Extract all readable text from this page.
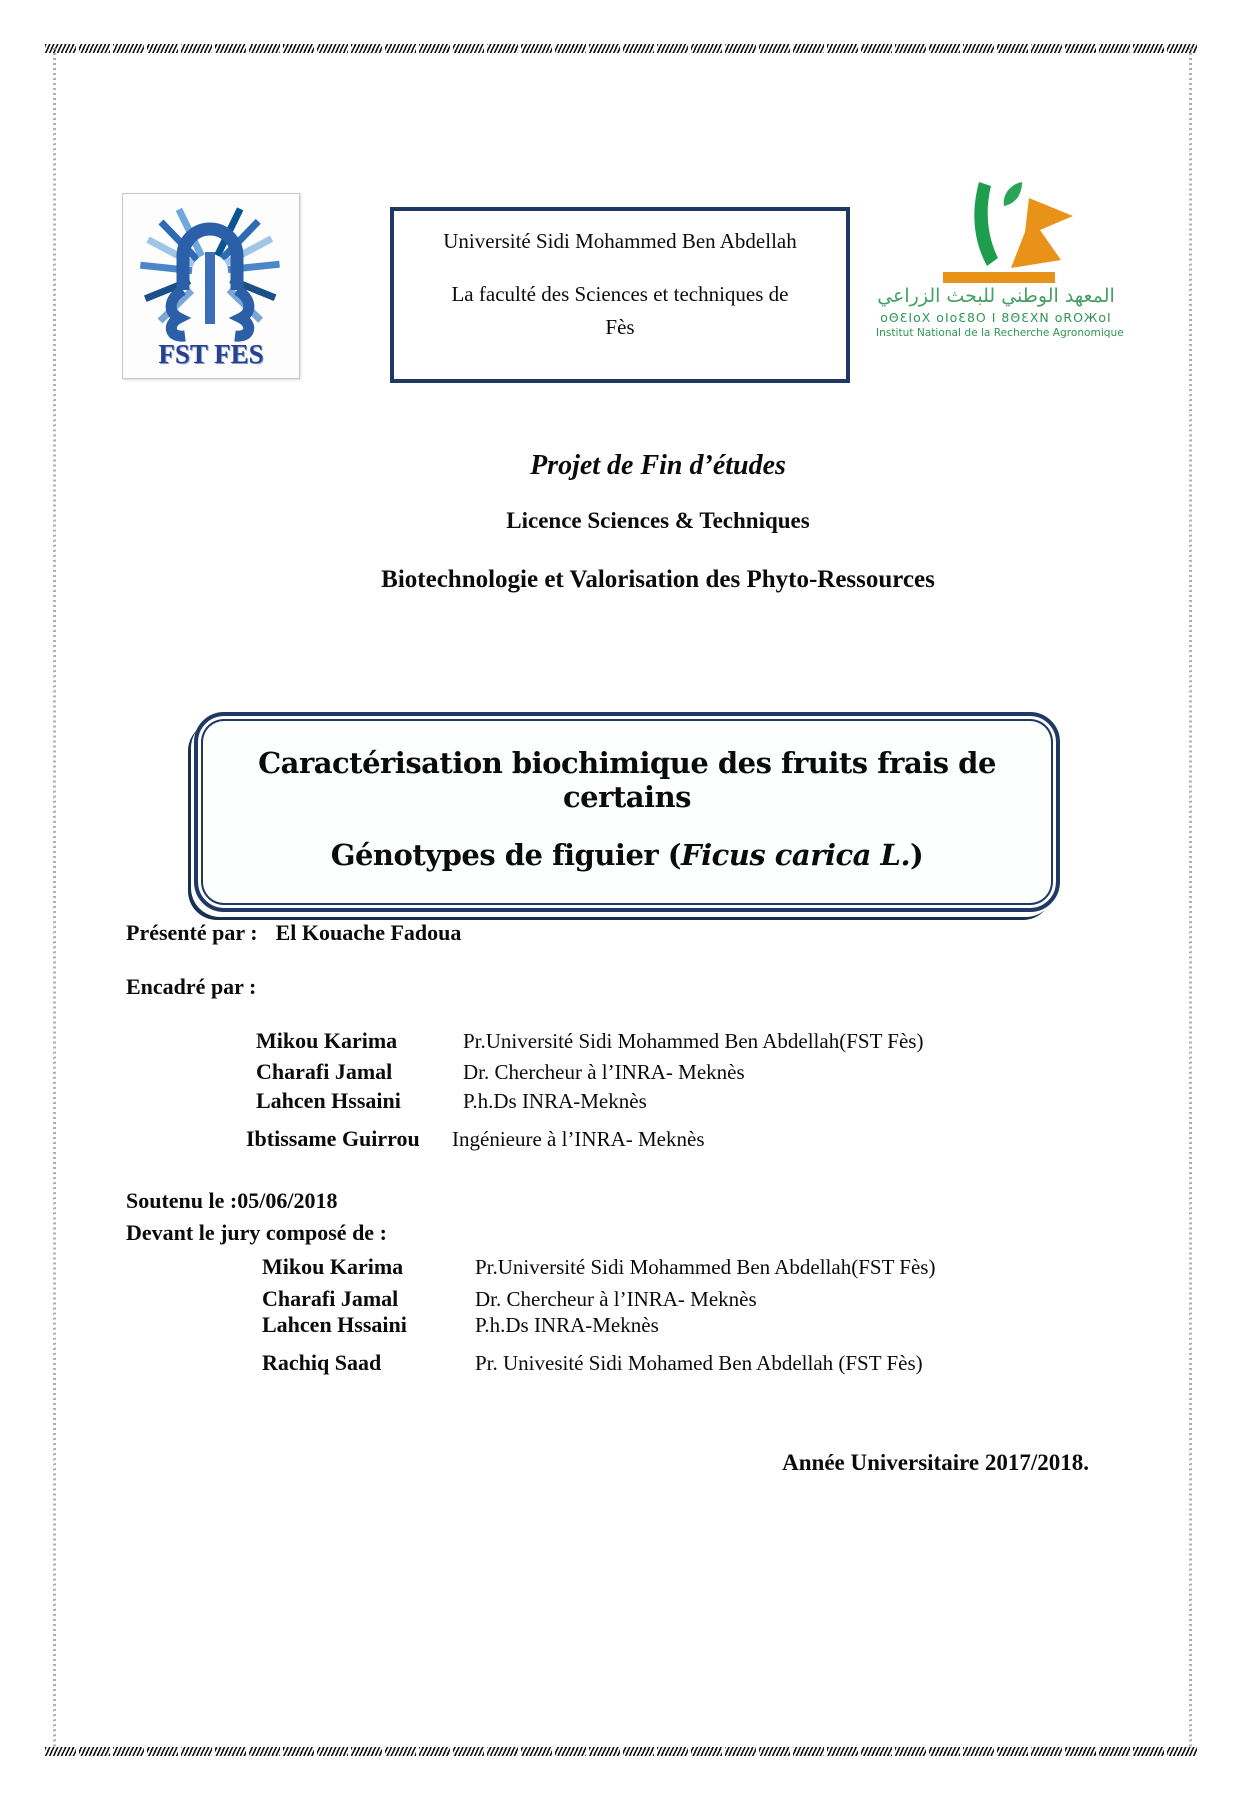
FST FES
Université Sidi Mohammed Ben Abdellah
La faculté des Sciences et techniques de
Fès
المعهد الوطني للبحث الزراعي
oΘƐIoX oIoƐ8O I 8ΘƐXN oROЖoI
Institut National de la Recherche Agronomique
Projet de Fin d’études
Licence Sciences & Techniques
Biotechnologie et Valorisation des Phyto-Ressources
Caractérisation biochimique des fruits frais de certains
Génotypes de figuier (Ficus carica L.)
Présenté par : El Kouache Fadoua
Encadré par :
Mikou Karima	Pr.Université Sidi Mohammed Ben Abdellah(FST Fès)
Charafi Jamal	Dr. Chercheur à l’INRA- Meknès
Lahcen Hssaini	P.h.Ds INRA-Meknès
Ibtissame Guirrou	Ingénieure à l’INRA- Meknès
Soutenu le :05/06/2018
Devant le jury composé de :
Mikou Karima	Pr.Université Sidi Mohammed Ben Abdellah(FST Fès)
Charafi Jamal	Dr. Chercheur à l’INRA- Meknès
Lahcen Hssaini	P.h.Ds INRA-Meknès
Rachiq Saad	Pr. Univesité Sidi Mohamed Ben Abdellah (FST Fès)
Année Universitaire 2017/2018.
